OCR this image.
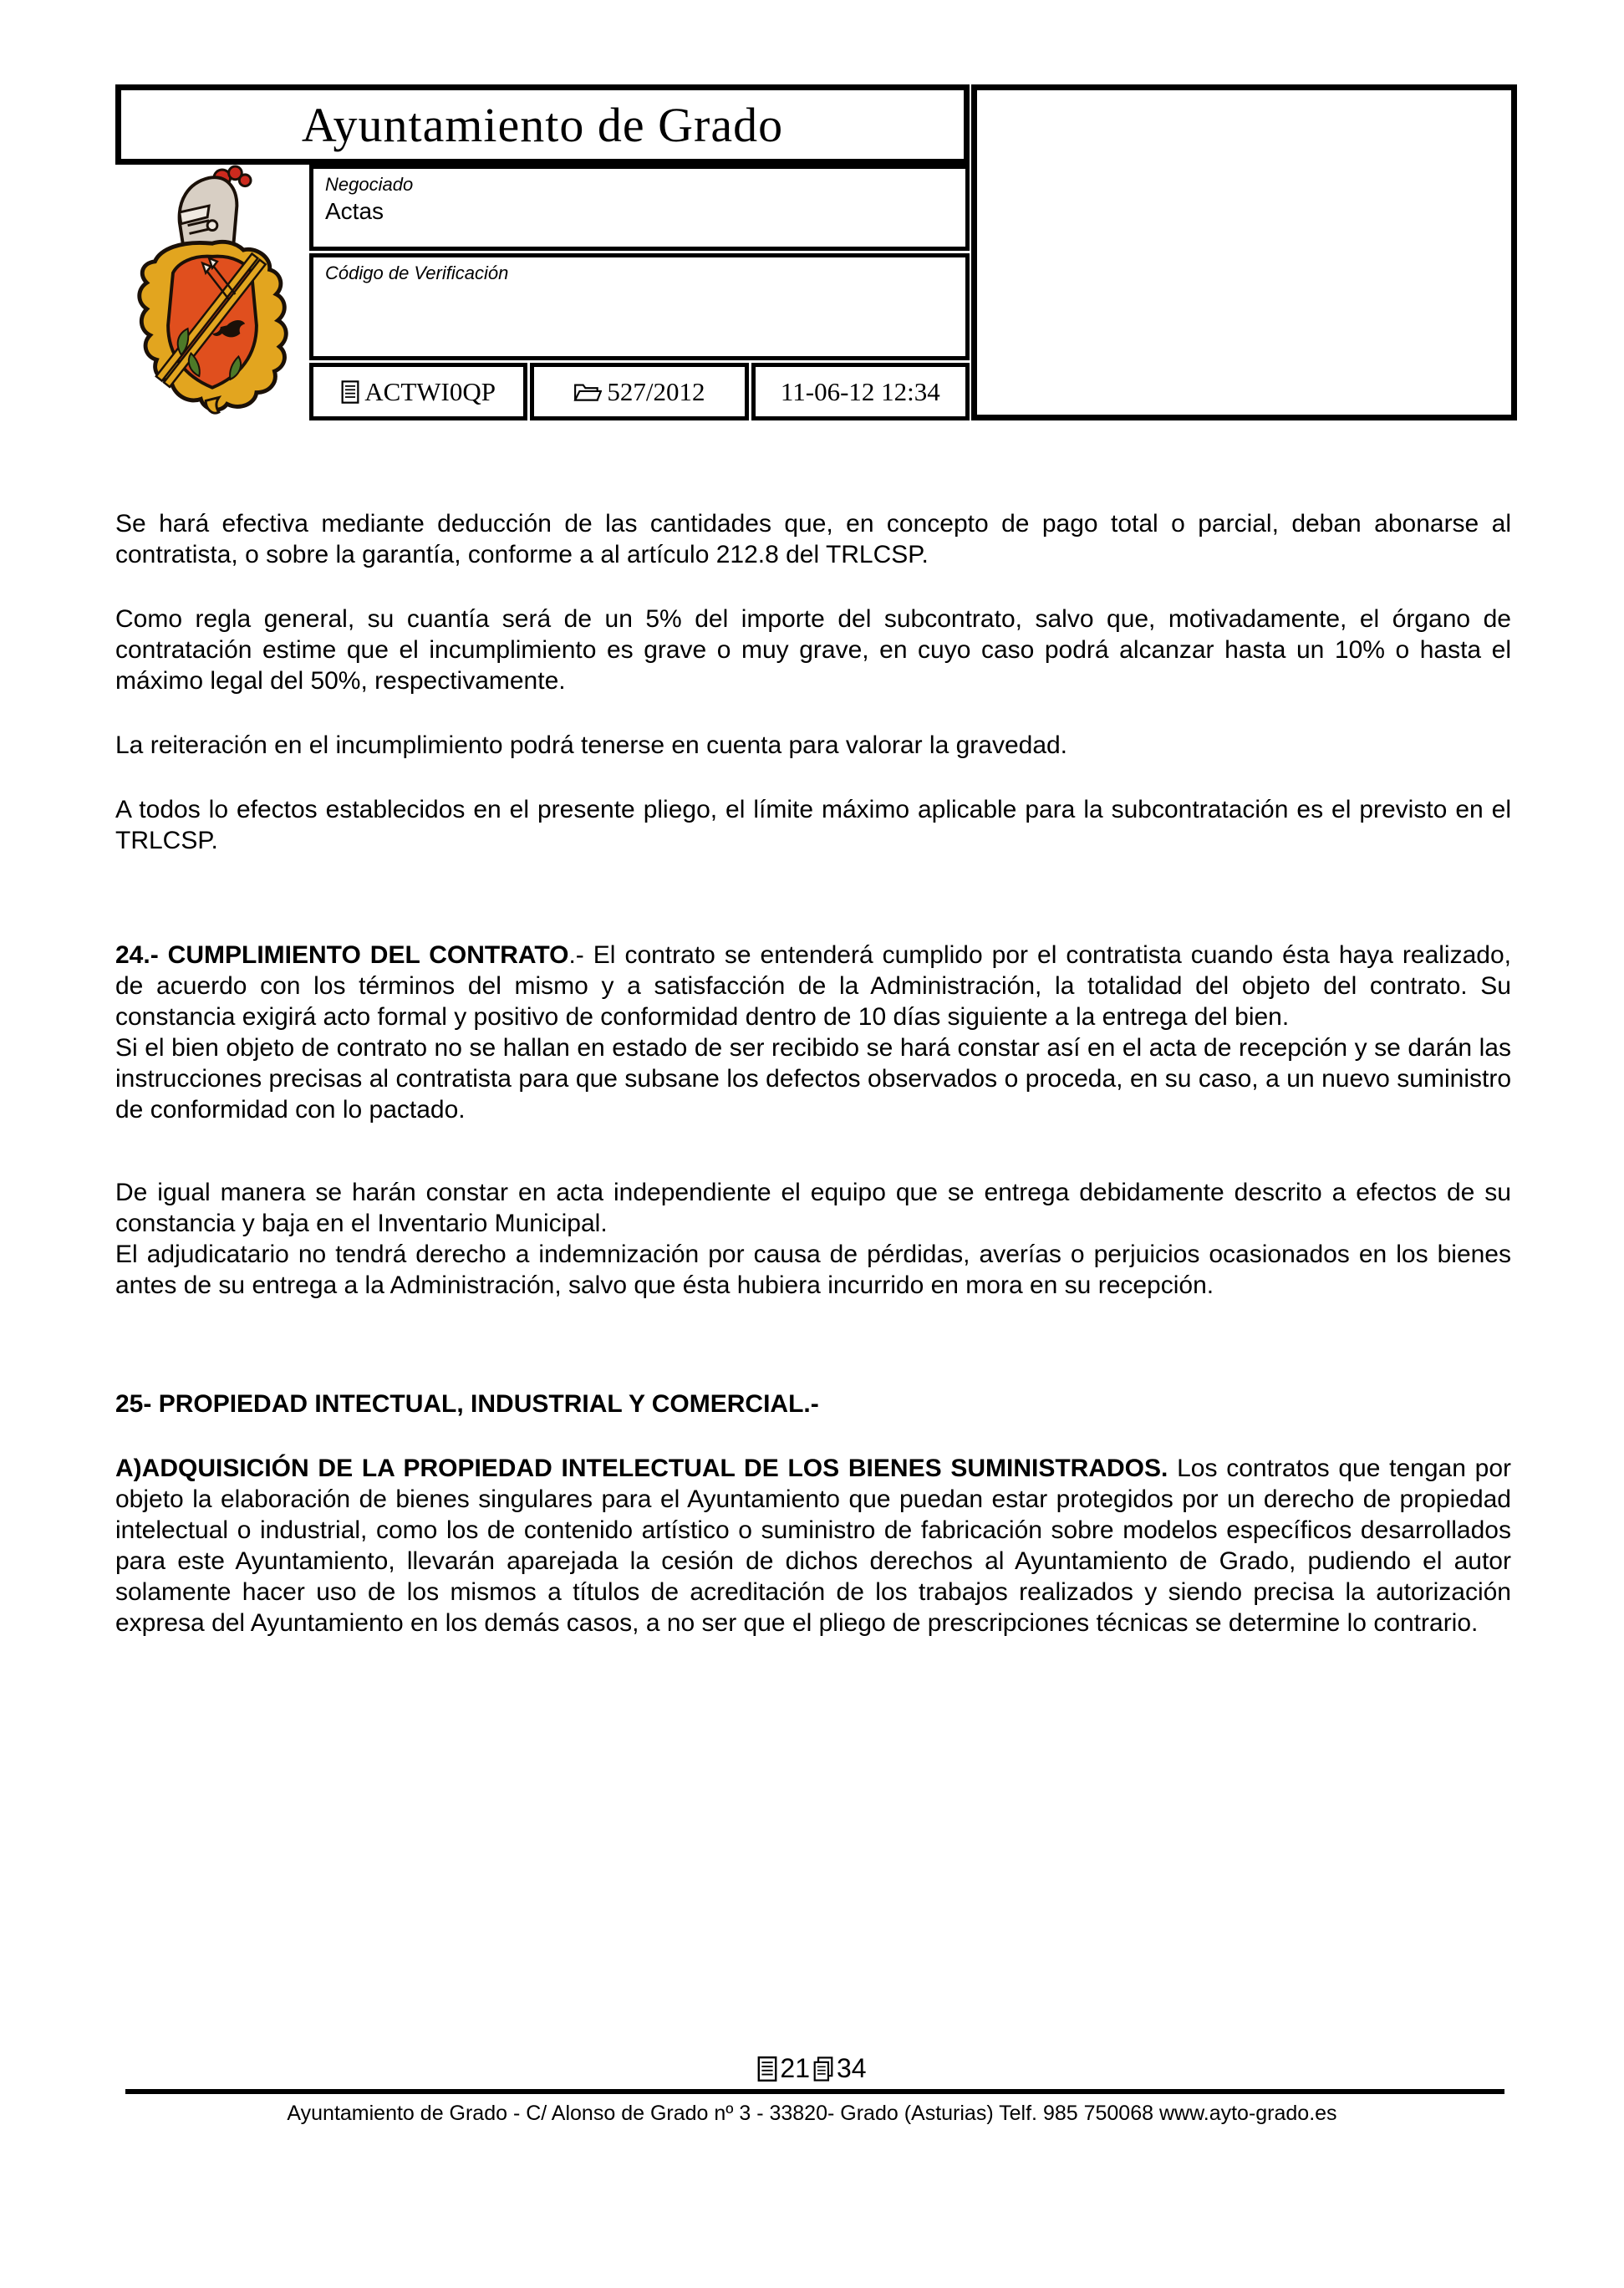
Ayuntamiento de Grado
Negociado
Actas
Código de Verificación
ACTWI0QP	527/2012	11-06-12 12:34

Se hará efectiva mediante deducción de las cantidades que, en concepto de pago total o parcial, deban abonarse al contratista, o sobre la garantía, conforme a al artículo 212.8 del TRLCSP.

Como regla general, su cuantía será de un 5% del importe del subcontrato, salvo que, motivadamente, el órgano de contratación estime que el incumplimiento es grave o muy grave, en cuyo caso podrá alcanzar hasta un 10% o hasta el máximo legal del 50%, respectivamente.

La reiteración en el incumplimiento podrá tenerse en cuenta para valorar la gravedad.

A todos lo efectos establecidos en el presente pliego, el límite máximo aplicable para la subcontratación es el previsto en el TRLCSP.

24.- CUMPLIMIENTO DEL CONTRATO.- El contrato se entenderá cumplido por el contratista cuando ésta haya realizado, de acuerdo con los términos del mismo y a satisfacción de la Administración, la totalidad del objeto del contrato. Su constancia exigirá acto formal y positivo de conformidad dentro de 10 días siguiente a la entrega del bien.

Si el bien objeto de contrato no se hallan en estado de ser recibido se hará constar así en el acta de recepción y se darán las instrucciones precisas al contratista para que subsane los defectos observados o proceda, en su caso, a un nuevo suministro de conformidad con lo pactado.

De igual manera se harán constar en acta independiente el equipo que se entrega debidamente descrito a efectos de su constancia y baja en el Inventario Municipal.

El adjudicatario no tendrá derecho a indemnización por causa de pérdidas, averías o perjuicios ocasionados en los bienes antes de su entrega a la Administración, salvo que ésta hubiera incurrido en mora en su recepción.

25- PROPIEDAD INTECTUAL, INDUSTRIAL Y COMERCIAL.-

A)ADQUISICIÓN DE LA PROPIEDAD INTELECTUAL DE LOS BIENES SUMINISTRADOS. Los contratos que tengan por objeto la elaboración de bienes singulares para el Ayuntamiento que puedan estar protegidos por un derecho de propiedad intelectual o industrial, como los de contenido artístico o suministro de fabricación sobre modelos específicos desarrollados para este Ayuntamiento, llevarán aparejada la cesión de dichos derechos al Ayuntamiento de Grado, pudiendo el autor solamente hacer uso de los mismos a títulos de acreditación de los trabajos realizados y siendo precisa la autorización expresa del Ayuntamiento en los demás casos, a no ser que el pliego de prescripciones técnicas se determine lo contrario.

21 34
Ayuntamiento de Grado - C/ Alonso de Grado nº 3 - 33820- Grado (Asturias) Telf. 985 750068 www.ayto-grado.es
